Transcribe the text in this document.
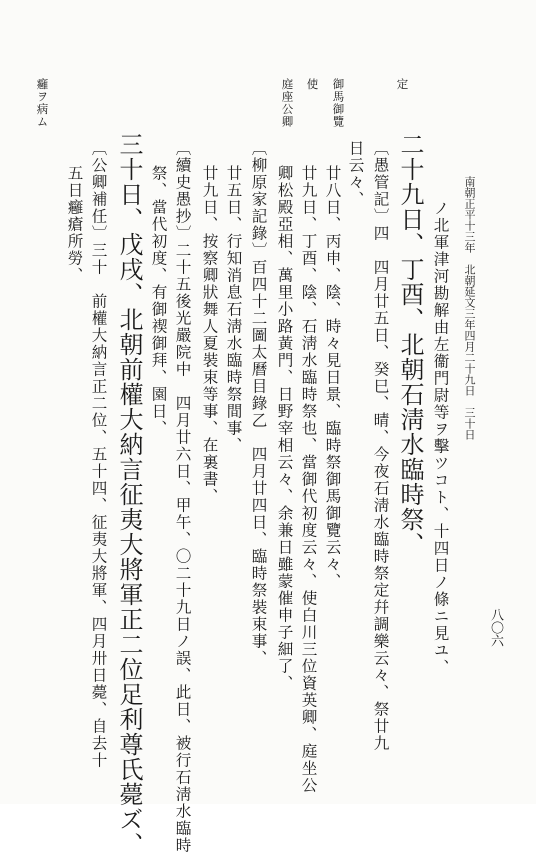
南朝正平十三年　北朝延文三年四月二十九日　三十日
八〇六
ノ北軍津河勘解由左衞門尉等ヲ擊ツコト、十四日ノ條ニ見ユ、
二十九日、丁酉、北朝石淸水臨時祭、
〔愚管記〕四　四月廿五日、癸巳、晴、今夜石淸水臨時祭定幷調樂云々、祭廿九
日云々、
廿八日、丙申、陰、時々見日景、臨時祭御馬御覽云々、
廿九日、丁酉、陰、石淸水臨時祭也、當御代初度云々、使白川三位資英卿、庭坐公
卿松殿亞相、萬里小路黃門、日野宰相云々、余兼日雖蒙催申子細了、
〔柳原家記錄〕百四十二圖太曆目錄乙　四月廿四日、臨時祭裝束事、
廿五日、行知消息石淸水臨時祭間事、
廿九日、按察卿狀舞人夏裝束等事、在裏書、
〔續史愚抄〕二十五後光嚴院中　四月廿六日、甲午、〇二十九日ノ誤、此日、被行石淸水臨時
祭、當代初度、有御禊御拜、園日、
三十日、戊戌、北朝前權大納言征夷大將軍正二位足利尊氏薨ズ、
〔公卿補任〕三十　前權大納言正二位、五十四、征夷大將軍、四月卅日薨、自去十
五日癰瘡所勞、
定
御馬御覽
使
庭座公卿
癰ヲ病ム
